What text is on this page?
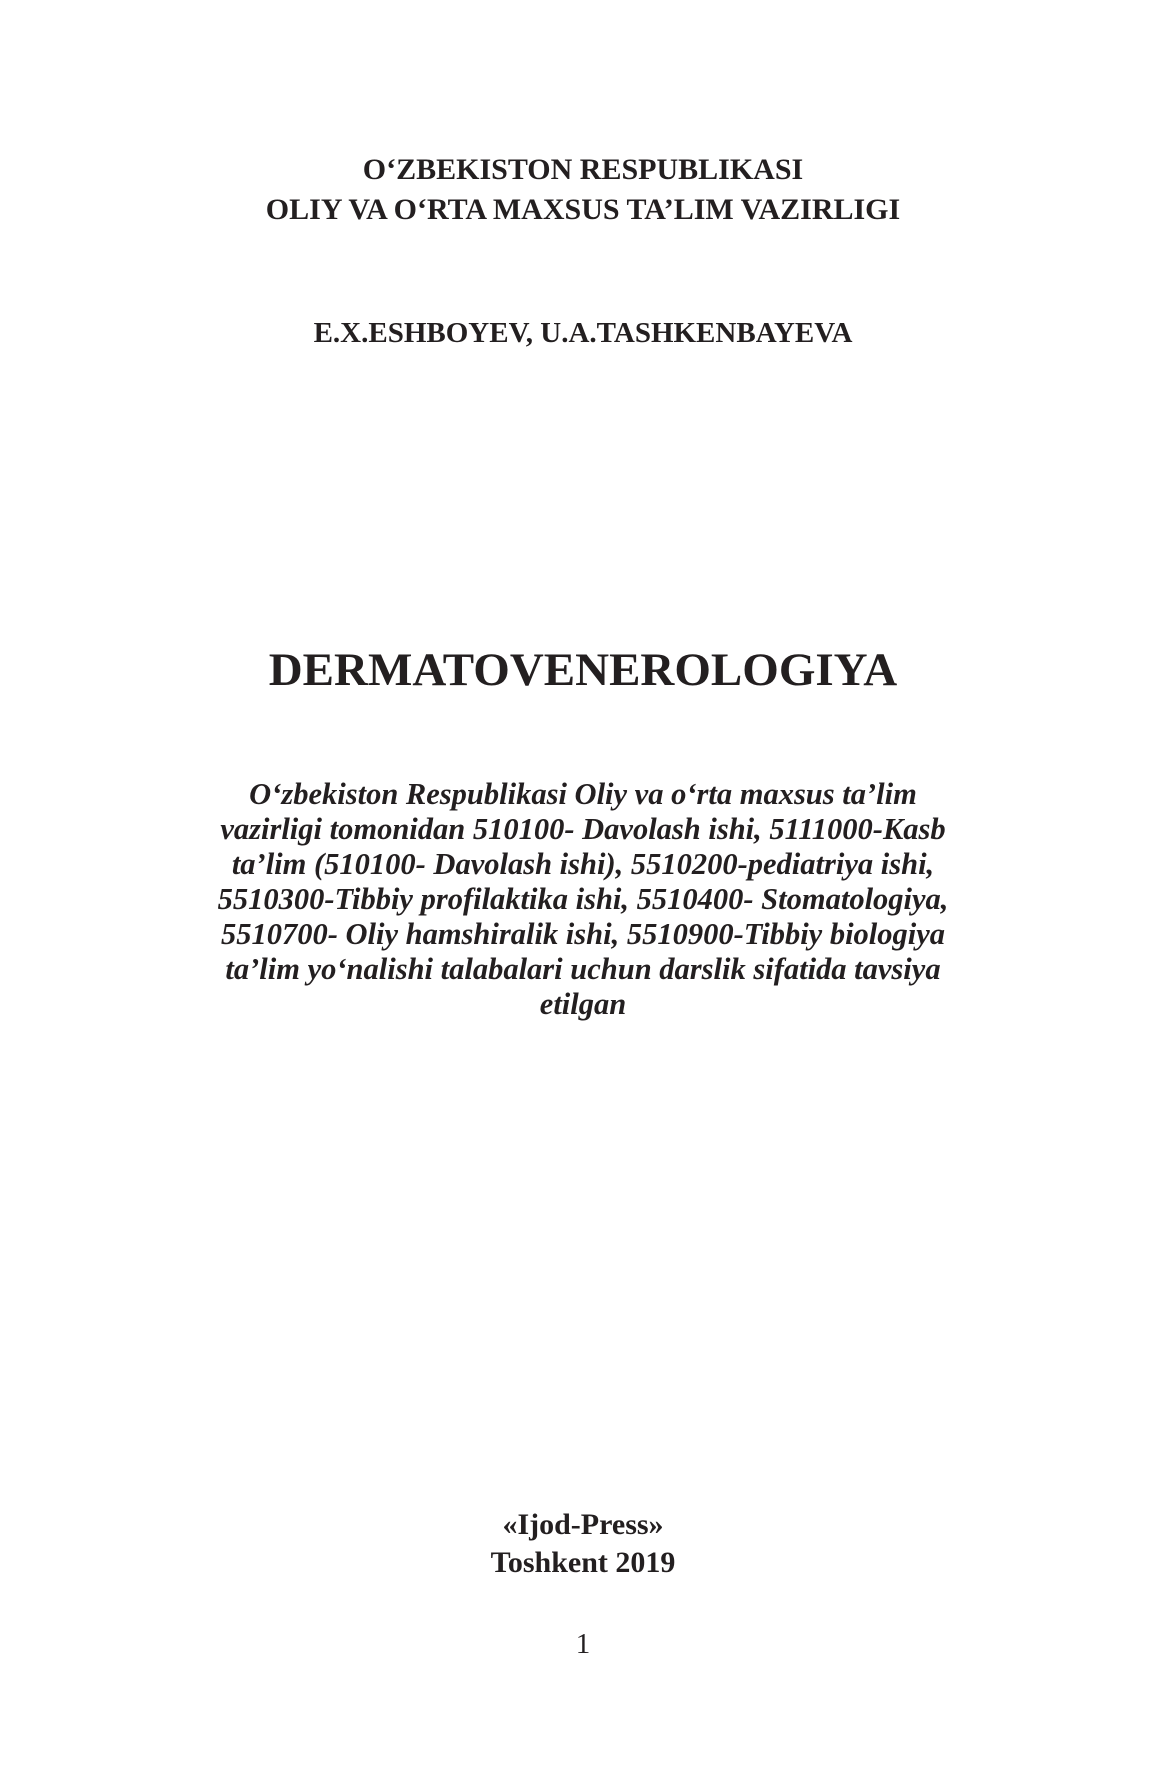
O‘ZBEKISTON RESPUBLIKASI
OLIY VA O‘RTA MAXSUS TA’LIM VAZIRLIGI
E.X.ESHBOYEV, U.A.TASHKENBAYEVA
DERMATOVENEROLOGIYA
O‘zbekiston Respublikasi Oliy va o‘rta maxsus ta’lim
vazirligi tomonidan 510100- Davolash ishi, 5111000-Kasb
ta’lim (510100- Davolash ishi), 5510200-pediatriya ishi,
5510300-Tibbiy profilaktika ishi, 5510400- Stomatologiya,
5510700- Oliy hamshiralik ishi, 5510900-Tibbiy biologiya
ta’lim yo‘nalishi talabalari uchun darslik sifatida tavsiya
etilgan
«Ijod-Press»
Toshkent 2019
1
